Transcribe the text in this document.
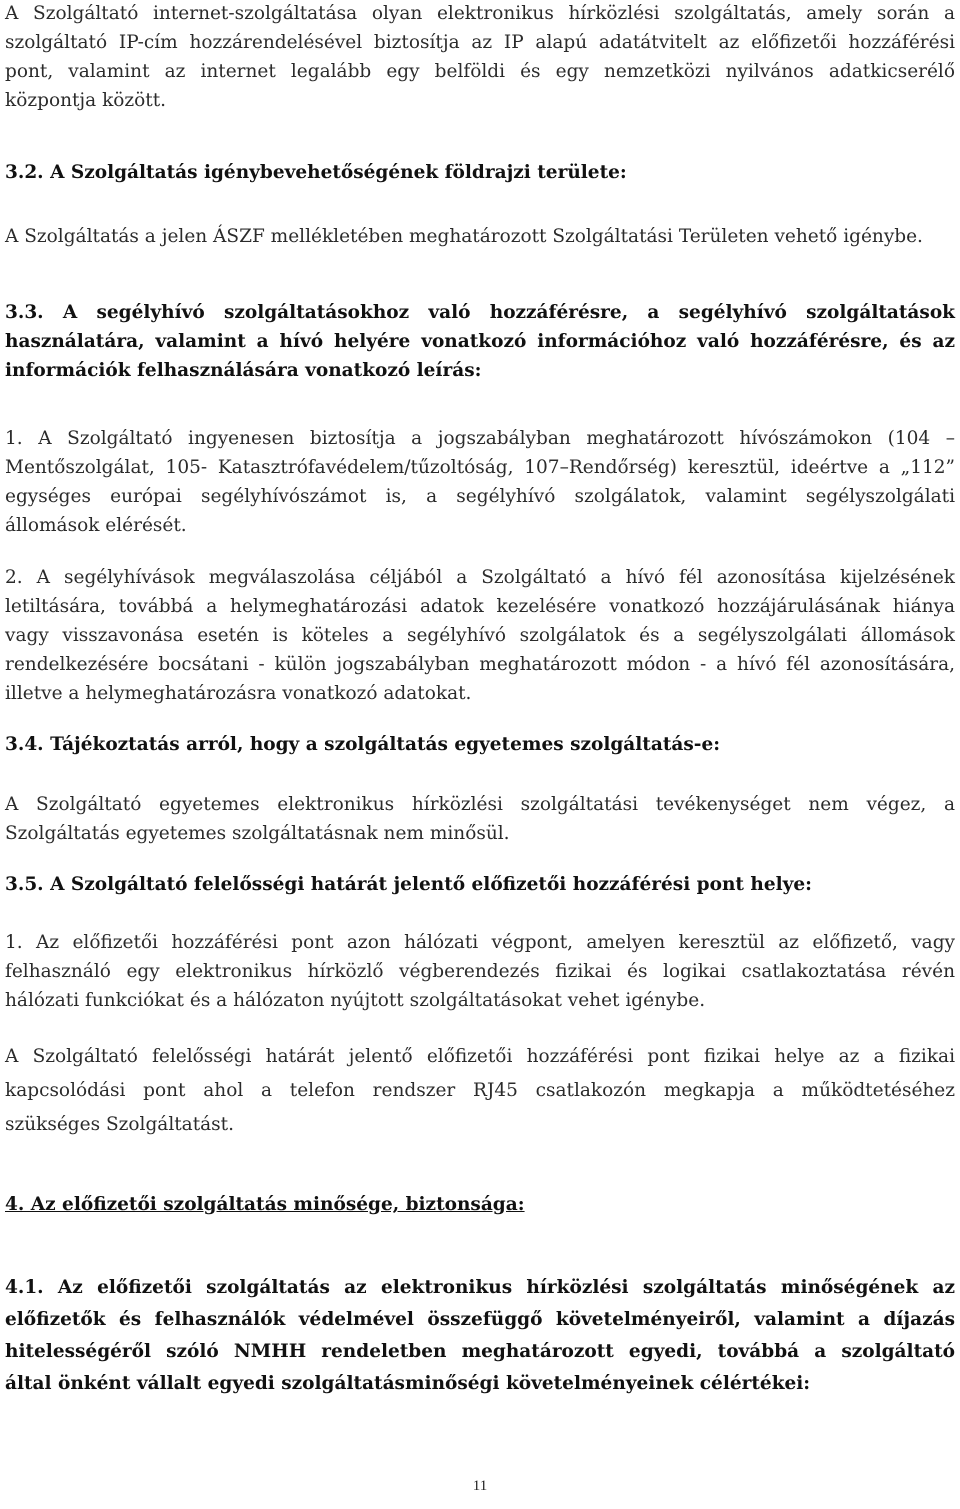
A Szolgáltató internet-szolgáltatása olyan elektronikus hírközlési szolgáltatás, amely során a
szolgáltató IP-cím hozzárendelésével biztosítja az IP alapú adatátvitelt az előfizetői hozzáférési
pont, valamint az internet legalább egy belföldi és egy nemzetközi nyilvános adatkicserélő
központja között.
3.2. A Szolgáltatás igénybevehetőségének földrajzi területe:
A Szolgáltatás a jelen ÁSZF mellékletében meghatározott Szolgáltatási Területen vehető igénybe.
3.3. A segélyhívó szolgáltatásokhoz való hozzáférésre, a segélyhívó szolgáltatások
használatára, valamint a hívó helyére vonatkozó információhoz való hozzáférésre, és az
információk felhasználására vonatkozó leírás:
1. A Szolgáltató ingyenesen biztosítja a jogszabályban meghatározott hívószámokon (104 –
Mentőszolgálat, 105- Katasztrófavédelem/tűzoltóság, 107–Rendőrség) keresztül, ideértve a „112”
egységes európai segélyhívószámot is, a segélyhívó szolgálatok, valamint segélyszolgálati
állomások elérését.
2. A segélyhívások megválaszolása céljából a Szolgáltató a hívó fél azonosítása kijelzésének
letiltására, továbbá a helymeghatározási adatok kezelésére vonatkozó hozzájárulásának hiánya
vagy visszavonása esetén is köteles a segélyhívó szolgálatok és a segélyszolgálati állomások
rendelkezésére bocsátani - külön jogszabályban meghatározott módon - a hívó fél azonosítására,
illetve a helymeghatározásra vonatkozó adatokat.
3.4. Tájékoztatás arról, hogy a szolgáltatás egyetemes szolgáltatás-e:
A Szolgáltató egyetemes elektronikus hírközlési szolgáltatási tevékenységet nem végez, a
Szolgáltatás egyetemes szolgáltatásnak nem minősül.
3.5. A Szolgáltató felelősségi határát jelentő előfizetői hozzáférési pont helye:
1. Az előfizetői hozzáférési pont azon hálózati végpont, amelyen keresztül az előfizető, vagy
felhasználó egy elektronikus hírközlő végberendezés fizikai és logikai csatlakoztatása révén
hálózati funkciókat és a hálózaton nyújtott szolgáltatásokat vehet igénybe.
A Szolgáltató felelősségi határát jelentő előfizetői hozzáférési pont fizikai helye az a fizikai
kapcsolódási pont ahol a telefon rendszer RJ45 csatlakozón megkapja a működtetéséhez
szükséges Szolgáltatást.
4. Az előfizetői szolgáltatás minősége, biztonsága:
4.1. Az előfizetői szolgáltatás az elektronikus hírközlési szolgáltatás minőségének az
előfizetők és felhasználók védelmével összefüggő követelményeiről, valamint a díjazás
hitelességéről szóló NMHH rendeletben meghatározott egyedi, továbbá a szolgáltató
által önként vállalt egyedi szolgáltatásminőségi követelményeinek célértékei:
11
